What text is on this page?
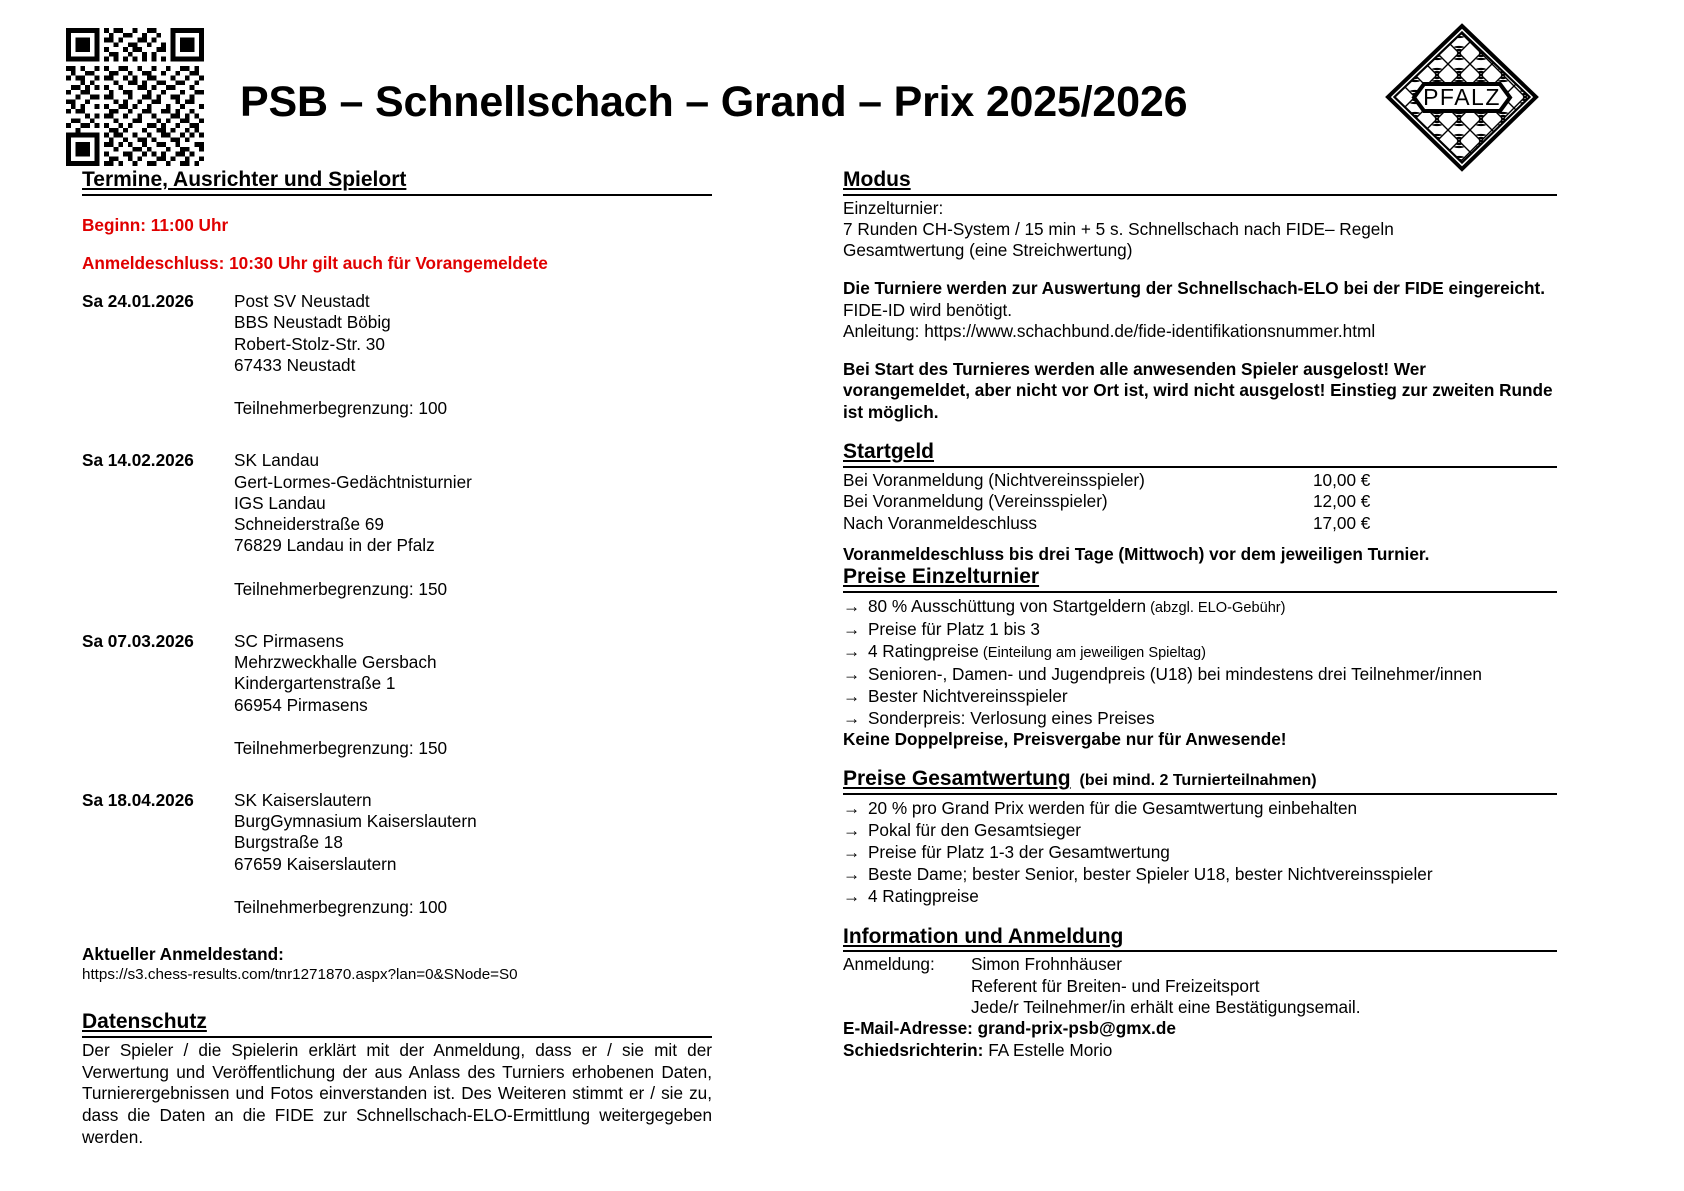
PSB – Schnellschach – Grand – Prix 2025/2026	PFALZ
Termine, Ausrichter und Spielort
Beginn: 11:00 Uhr
Anmeldeschluss: 10:30 Uhr gilt auch für Vorangemeldete
Sa 24.01.2026	Post SV Neustadt
BBS Neustadt Böbig
Robert-Stolz-Str. 30
67433 Neustadt
Teilnehmerbegrenzung: 100
Sa 14.02.2026	SK Landau
Gert-Lormes-Gedächtnisturnier
IGS Landau
Schneiderstraße 69
76829 Landau in der Pfalz
Teilnehmerbegrenzung: 150
Sa 07.03.2026	SC Pirmasens
Mehrzweckhalle Gersbach
Kindergartenstraße 1
66954 Pirmasens
Teilnehmerbegrenzung: 150
Sa 18.04.2026	SK Kaiserslautern
BurgGymnasium Kaiserslautern
Burgstraße 18
67659 Kaiserslautern
Teilnehmerbegrenzung: 100
Aktueller Anmeldestand:
https://s3.chess-results.com/tnr1271870.aspx?lan=0&SNode=S0
Datenschutz
Der Spieler / die Spielerin erklärt mit der Anmeldung, dass er / sie mit der Verwertung und Veröffentlichung der aus Anlass des Turniers erhobenen Daten, Turnierergebnissen und Fotos einverstanden ist. Des Weiteren stimmt er / sie zu, dass die Daten an die FIDE zur Schnellschach-ELO-Ermittlung weitergegeben werden.
Modus
Einzelturnier:
7 Runden CH-System / 15 min + 5 s. Schnellschach nach FIDE– Regeln
Gesamtwertung (eine Streichwertung)
Die Turniere werden zur Auswertung der Schnellschach-ELO bei der FIDE eingereicht. FIDE-ID wird benötigt.
Anleitung: https://www.schachbund.de/fide-identifikationsnummer.html
Bei Start des Turnieres werden alle anwesenden Spieler ausgelost! Wer vorangemeldet, aber nicht vor Ort ist, wird nicht ausgelost! Einstieg zur zweiten Runde ist möglich.
Startgeld
Bei Voranmeldung (Nichtvereinsspieler)	10,00 €
Bei Voranmeldung (Vereinsspieler)	12,00 €
Nach Voranmeldeschluss	17,00 €
Voranmeldeschluss bis drei Tage (Mittwoch) vor dem jeweiligen Turnier.
Preise Einzelturnier
→ 80 % Ausschüttung von Startgeldern (abzgl. ELO-Gebühr)
→ Preise für Platz 1 bis 3
→ 4 Ratingpreise (Einteilung am jeweiligen Spieltag)
→ Senioren-, Damen- und Jugendpreis (U18) bei mindestens drei Teilnehmer/innen
→ Bester Nichtvereinsspieler
→ Sonderpreis: Verlosung eines Preises
Keine Doppelpreise, Preisvergabe nur für Anwesende!
Preise Gesamtwertung (bei mind. 2 Turnierteilnahmen)
→ 20 % pro Grand Prix werden für die Gesamtwertung einbehalten
→ Pokal für den Gesamtsieger
→ Preise für Platz 1-3 der Gesamtwertung
→ Beste Dame; bester Senior, bester Spieler U18, bester Nichtvereinsspieler
→ 4 Ratingpreise
Information und Anmeldung
Anmeldung:	Simon Frohnhäuser
Referent für Breiten- und Freizeitsport
Jede/r Teilnehmer/in erhält eine Bestätigungsemail.
E-Mail-Adresse: grand-prix-psb@gmx.de
Schiedsrichterin: FA Estelle Morio
